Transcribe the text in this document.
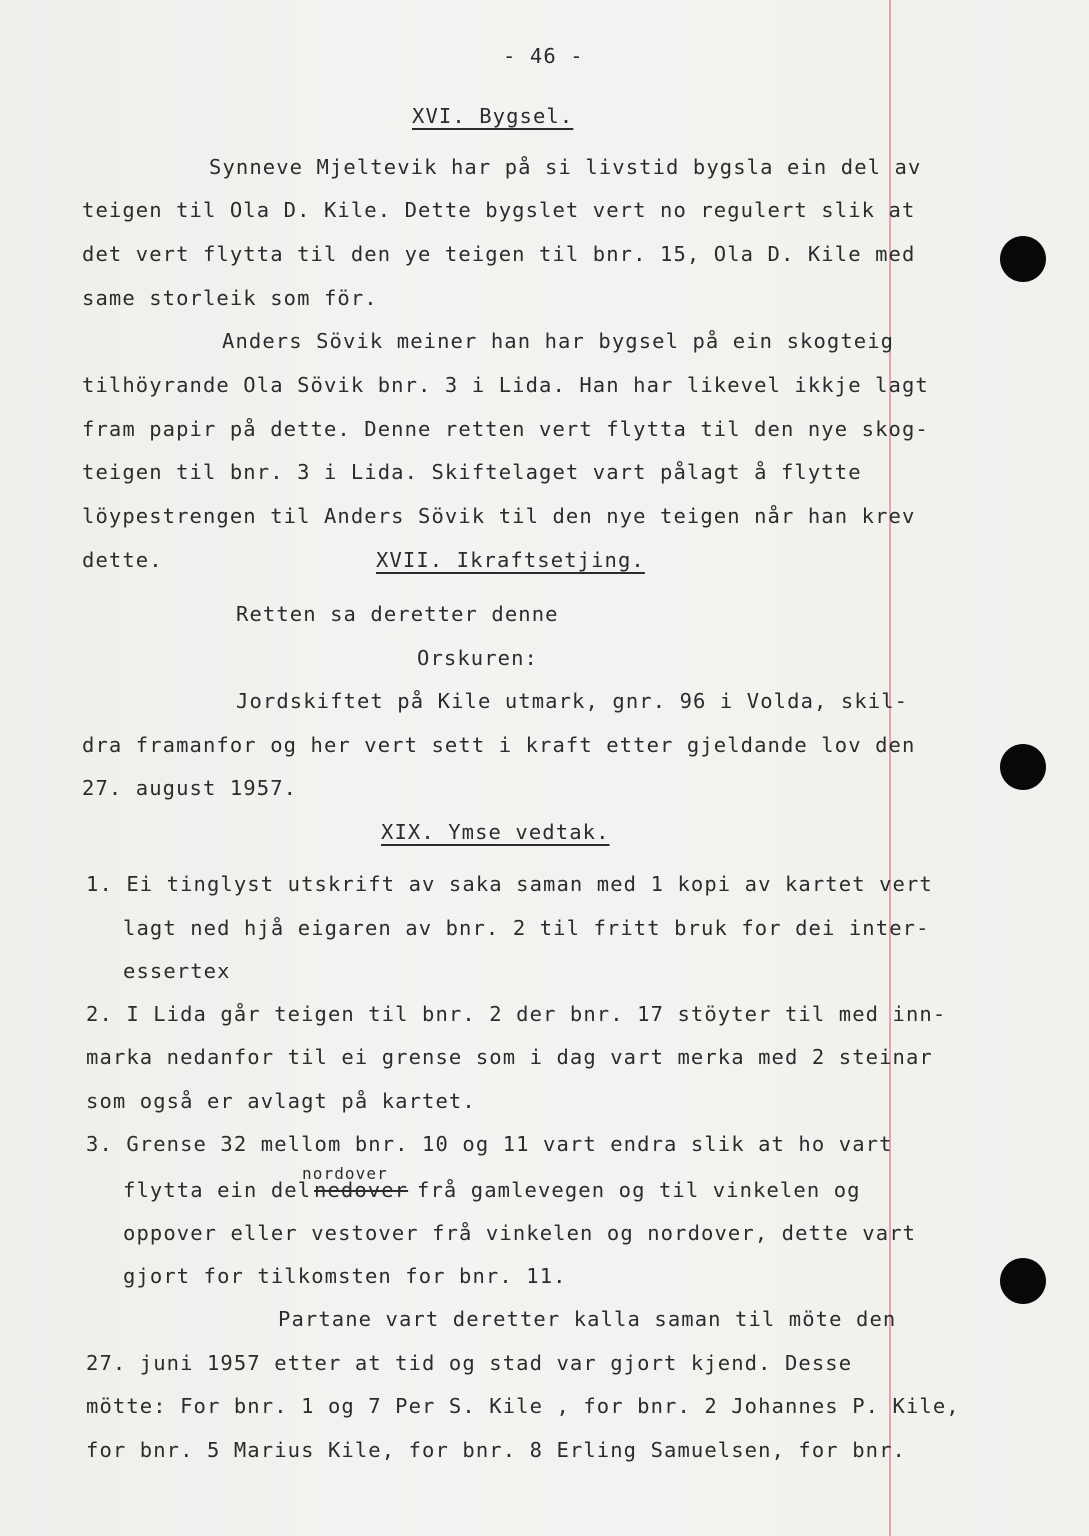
- 46 -
XVI. Bygsel.
Synneve Mjeltevik har på si livstid bygsla ein del av
teigen til Ola D. Kile. Dette bygslet vert no regulert slik at
det vert flytta til den ye teigen til bnr. 15, Ola D. Kile med
same storleik som för.
Anders Sövik meiner han har bygsel på ein skogteig
tilhöyrande Ola Sövik bnr. 3 i Lida. Han har likevel ikkje lagt
fram papir på dette. Denne retten vert flytta til den nye skog-
teigen til bnr. 3 i Lida. Skiftelaget vart pålagt å flytte
löypestrengen til Anders Sövik til den nye teigen når han krev
dette.	XVII. Ikraftsetjing.
Retten sa deretter denne
Orskuren:
Jordskiftet på Kile utmark, gnr. 96 i Volda, skil-
dra framanfor og her vert sett i kraft etter gjeldande lov den
27. august 1957.
XIX. Ymse vedtak.
1. Ei tinglyst utskrift av saka saman med 1 kopi av kartet vert
lagt ned hjå eigaren av bnr. 2 til fritt bruk for dei inter-
essertex
2. I Lida går teigen til bnr. 2 der bnr. 17 stöyter til med inn-
marka nedanfor til ei grense som i dag vart merka med 2 steinar
som også er avlagt på kartet.
3. Grense 32 mellom bnr. 10 og 11 vart endra slik at ho vart
nordover
flytta ein del nedover frå gamlevegen og til vinkelen og
oppover eller vestover frå vinkelen og nordover, dette vart
gjort for tilkomsten for bnr. 11.
Partane vart deretter kalla saman til möte den
27. juni 1957 etter at tid og stad var gjort kjend. Desse
mötte: For bnr. 1 og 7 Per S. Kile , for bnr. 2 Johannes P. Kile,
for bnr. 5 Marius Kile, for bnr. 8 Erling Samuelsen, for bnr.
